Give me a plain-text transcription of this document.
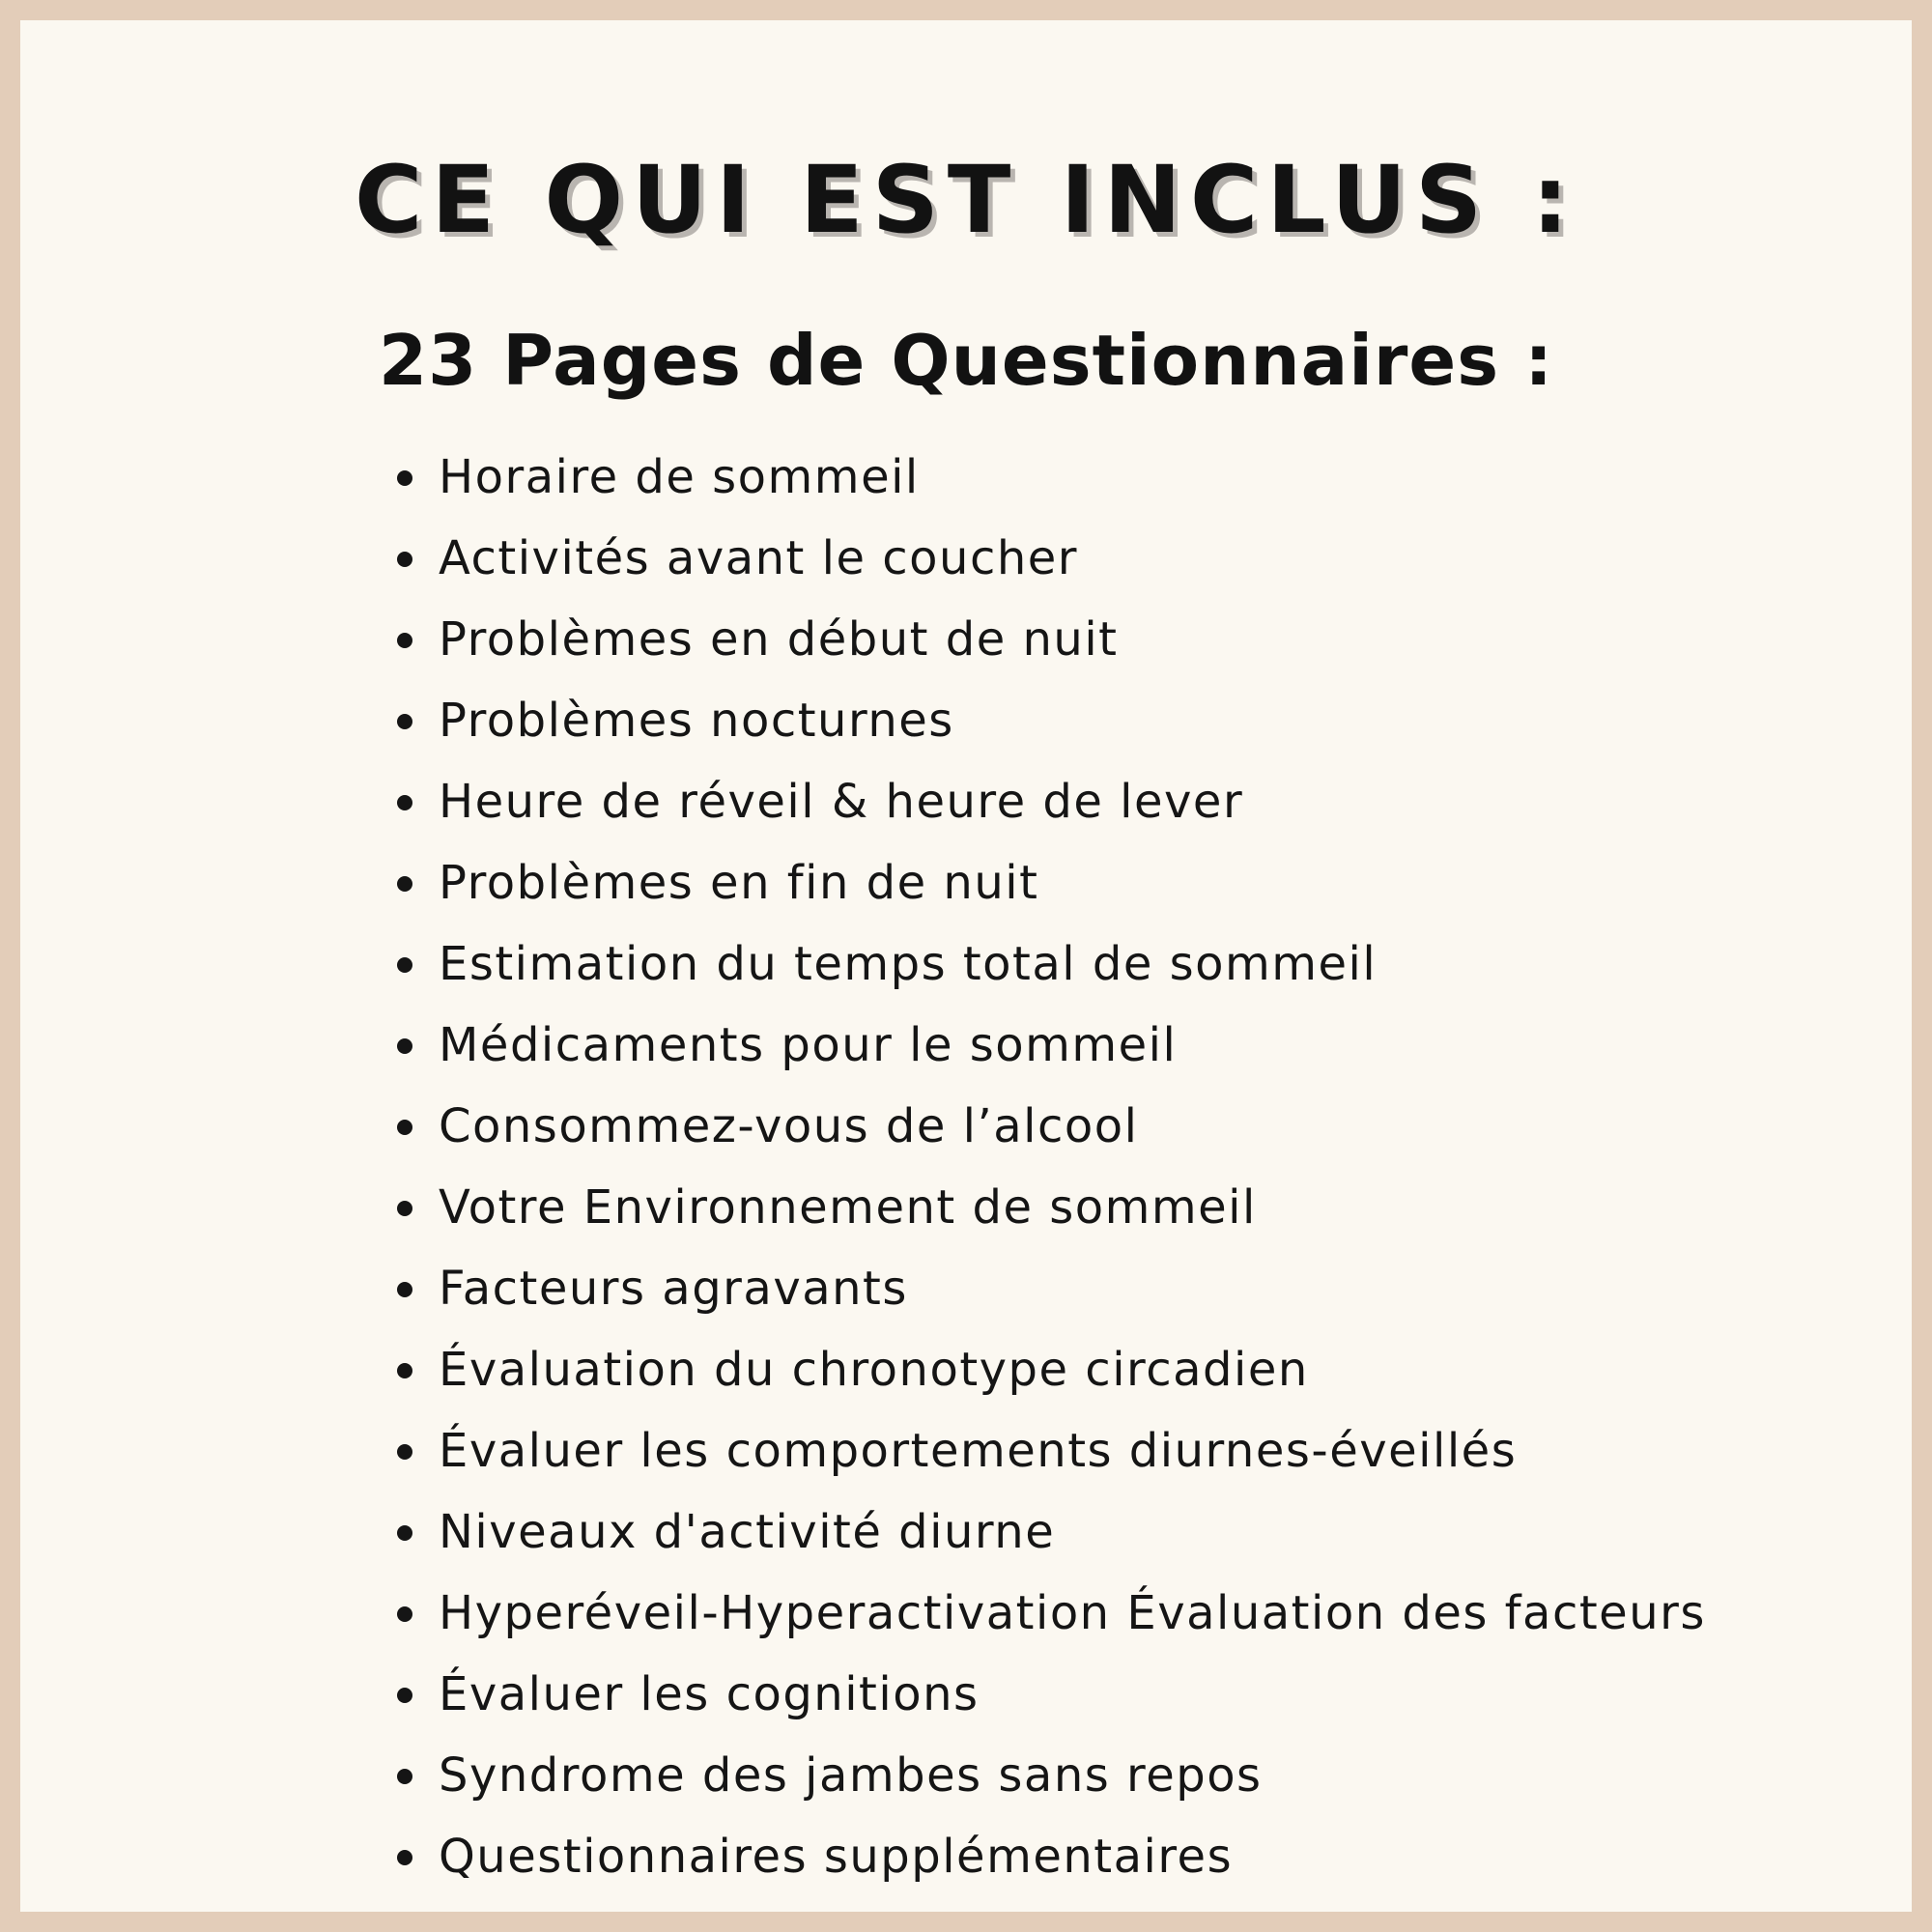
CE QUI EST INCLUS :
23 Pages de Questionnaires :
Horaire de sommeil
Activités avant le coucher
Problèmes en début de nuit
Problèmes nocturnes
Heure de réveil & heure de lever
Problèmes en fin de nuit
Estimation du temps total de sommeil
Médicaments pour le sommeil
Consommez-vous de l’alcool
Votre Environnement de sommeil
Facteurs agravants
Évaluation du chronotype circadien
Évaluer les comportements diurnes-éveillés
Niveaux d'activité diurne
Hyperéveil-Hyperactivation Évaluation des facteurs
Évaluer les cognitions
Syndrome des jambes sans repos
Questionnaires supplémentaires
